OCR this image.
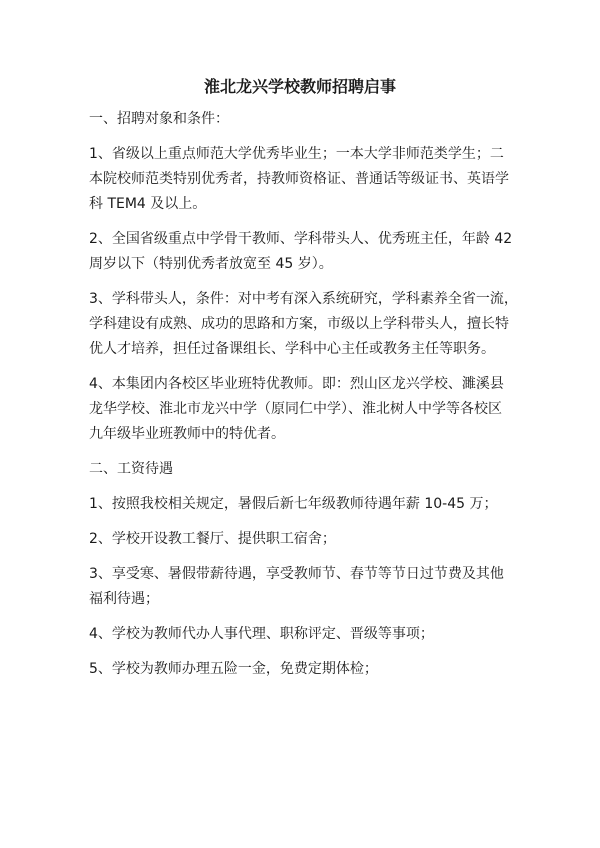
淮北龙兴学校教师招聘启事
一、招聘对象和条件：
1、省级以上重点师范大学优秀毕业生；一本大学非师范类学生；二
本院校师范类特别优秀者，持教师资格证、普通话等级证书、英语学
科 TEM4 及以上。
2、全国省级重点中学骨干教师、学科带头人、优秀班主任，年龄 42
周岁以下（特别优秀者放宽至 45 岁）。
3、学科带头人，条件：对中考有深入系统研究，学科素养全省一流，
学科建设有成熟、成功的思路和方案，市级以上学科带头人，擅长特
优人才培养，担任过备课组长、学科中心主任或教务主任等职务。
4、本集团内各校区毕业班特优教师。即：烈山区龙兴学校、濉溪县
龙华学校、淮北市龙兴中学（原同仁中学）、淮北树人中学等各校区
九年级毕业班教师中的特优者。
二、工资待遇
1、按照我校相关规定，暑假后新七年级教师待遇年薪 10-45 万；
2、学校开设教工餐厅、提供职工宿舍；
3、享受寒、暑假带薪待遇，享受教师节、春节等节日过节费及其他
福利待遇；
4、学校为教师代办人事代理、职称评定、晋级等事项；
5、学校为教师办理五险一金，免费定期体检；
